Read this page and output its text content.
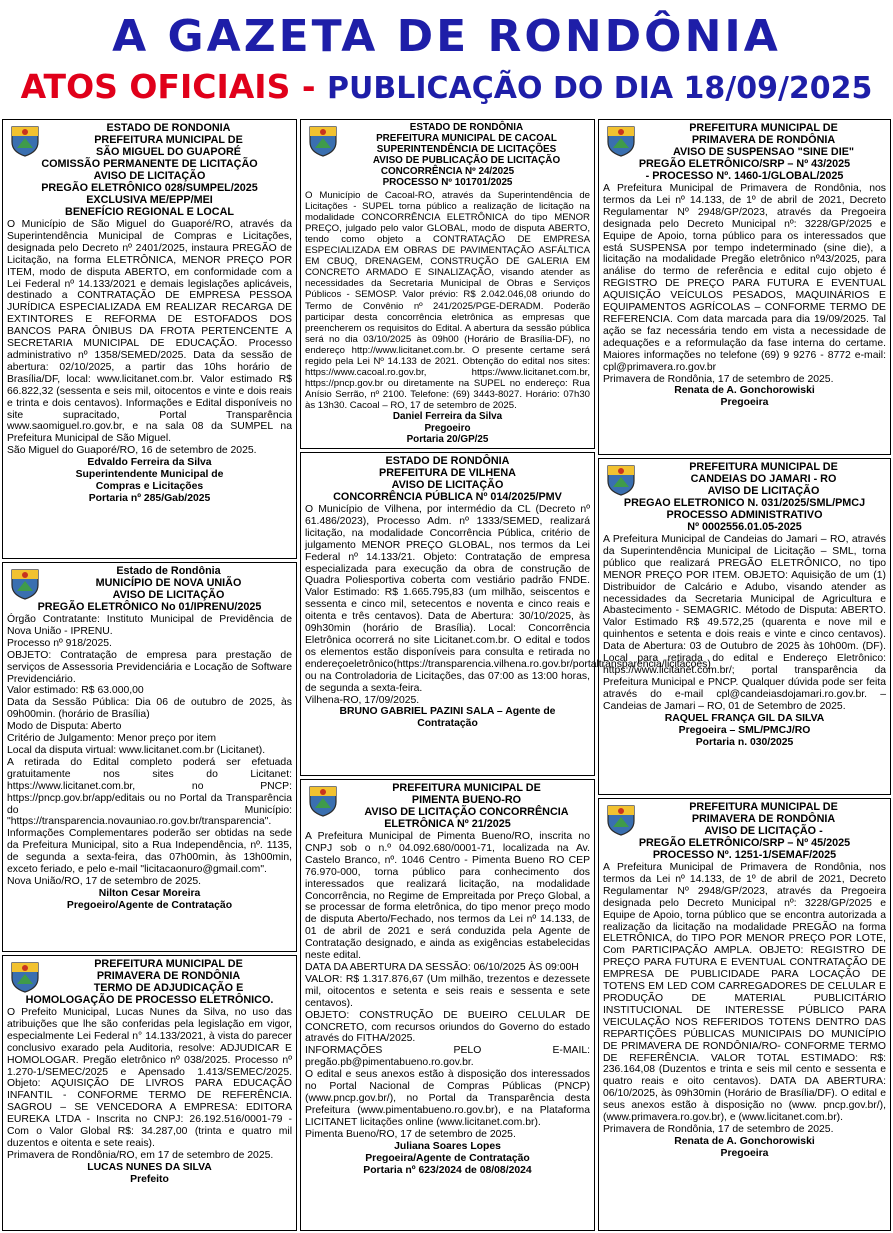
A GAZETA DE RONDÔNIA
ATOS OFICIAIS - PUBLICAÇÃO DO DIA 18/09/2025
ESTADO DE RONDONIA
PREFEITURA MUNICIPAL DE
SÃO MIGUEL DO GUAPORÉ
COMISSÃO PERMANENTE DE LICITAÇÃO
AVISO DE LICITAÇÃO
PREGÃO ELETRÔNICO 028/SUMPEL/2025
EXCLUSIVA ME/EPP/MEI
BENEFÍCIO REGIONAL E LOCAL

O Município de São Miguel do Guaporé/RO, através da Superintendência Municipal de Compras e Licitações, designada pelo Decreto nº 2401/2025, instaura PREGÃO de Licitação, na forma ELETRÔNICA, MENOR PREÇO POR ITEM, modo de disputa ABERTO, em conformidade com a Lei Federal nº 14.133/2021 e demais legislações aplicáveis, destinado a CONTRATAÇÃO DE EMPRESA PESSOA JURÍDICA ESPECIALIZADA EM REALIZAR RECARGA DE EXTINTORES E REFORMA DE ESTOFADOS DOS BANCOS PARA ÔNIBUS DA FROTA PERTENCENTE A SECRETARIA MUNICIPAL DE EDUCAÇÃO. Processo administrativo nº 1358/SEMED/2025. Data da sessão de abertura: 02/10/2025, a partir das 10hs horário de Brasília/DF, local: www.licitanet.com.br. Valor estimado R$ 66.822,32 (sessenta e seis mil, oitocentos e vinte e dois reais e trinta e dois centavos). Informações e Edital disponíveis no site supracitado, Portal Transparência www.saomiguel.ro.gov.br, e na sala 08 da SUMPEL na Prefeitura Municipal de São Miguel.

São Miguel do Guaporé/RO, 16 de setembro de 2025.

Edvaldo Ferreira da Silva
Superintendente Municipal de
Compras e Licitações
Portaria nº 285/Gab/2025
Estado de Rondônia
MUNICÍPIO DE NOVA UNIÃO
AVISO DE LICITAÇÃO
PREGÃO ELETRÔNICO No 01/IPRENU/2025

Órgão Contratante: Instituto Municipal de Previdência de Nova União - IPRENU.

Processo nº 918/2025.

OBJETO: Contratação de empresa para prestação de serviços de Assessoria Previdenciária e Locação de Software Previdenciário.

Valor estimado: R$ 63.000,00

Data da Sessão Pública: Dia 06 de outubro de 2025, às 09h00min. (horário de Brasília)

Modo de Disputa: Aberto

Critério de Julgamento: Menor preço por item

Local da disputa virtual: www.licitanet.com.br (Licitanet).

A retirada do Edital completo poderá ser efetuada gratuitamente nos sites do Licitanet: https://www.licitanet.com.br, no PNCP: https://pncp.gov.br/app/editais ou no Portal da Transparência do Município: "https://transparencia.novauniao.ro.gov.br/transparencia".

Informações Complementares poderão ser obtidas na sede da Prefeitura Municipal, sito a Rua Independência, nº. 1135, de segunda a sexta-feira, das 07h00min, às 13h00min, exceto feriado, e pelo e-mail "licitacaonuro@gmail.com".

Nova União/RO, 17 de setembro de 2025.

Nilton Cesar Moreira
Pregoeiro/Agente de Contratação
PREFEITURA MUNICIPAL DE
PRIMAVERA DE RONDÔNIA
TERMO DE ADJUDICAÇÃO E
HOMOLOGAÇÃO DE PROCESSO ELETRÔNICO.

O Prefeito Municipal, Lucas Nunes da Silva, no uso das atribuições que lhe são conferidas pela legislação em vigor, especialmente Lei Federal n° 14.133/2021, à vista do parecer conclusivo exarado pela Auditoria, resolve: ADJUDICAR E HOMOLOGAR. Pregão eletrônico nº 038/2025. Processo nº 1.270-1/SEMEC/2025 e Apensado 1.413/SEMEC/2025. Objeto: AQUISIÇÃO DE LIVROS PARA EDUCAÇÃO INFANTIL - CONFORME TERMO DE REFERÊNCIA. SAGROU – SE VENCEDORA A EMPRESA: EDITORA EUREKA LTDA - Inscrita no CNPJ: 26.192.516/0001-79 - Com o Valor Global R$: 34.287,00 (trinta e quatro mil duzentos e oitenta e sete reais).

Primavera de Rondônia/RO, em 17 de setembro de 2025.

LUCAS NUNES DA SILVA
Prefeito
ESTADO DE RONDÔNIA
PREFEITURA MUNICIPAL DE CACOAL
SUPERINTENDÊNCIA DE LICITAÇÕES
AVISO DE PUBLICAÇÃO DE LICITAÇÃO
CONCORRÊNCIA Nº 24/2025
PROCESSO Nº 101701/2025

O Município de Cacoal-RO, através da Superintendência de Licitações - SUPEL torna público a realização de licitação na modalidade CONCORRÊNCIA ELETRÔNICA do tipo MENOR PREÇO, julgado pelo valor GLOBAL, modo de disputa ABERTO, tendo como objeto a CONTRATAÇÃO DE EMPRESA ESPECIALIZADA EM OBRAS DE PAVIMENTAÇÃO ASFÁLTICA EM CBUQ, DRENAGEM, CONSTRUÇÃO DE GALERIA EM CONCRETO ARMADO E SINALIZAÇÃO, visando atender as necessidades da Secretaria Municipal de Obras e Serviços Públicos - SEMOSP. Valor prévio: R$ 2.042.046,08 oriundo do Termo de Convênio nº 241/2025/PGE-DERADM. Poderão participar desta concorrência eletrônica as empresas que preencherem os requisitos do Edital. A abertura da sessão pública será no dia 03/10/2025 às 09h00 (Horário de Brasília-DF), no endereço http://www.licitanet.com.br. O presente certame será regido pela Lei Nº 14.133 de 2021. Obtenção do edital nos sites: https://www.cacoal.ro.gov.br, https://www.licitanet.com.br, https://pncp.gov.br ou diretamente na SUPEL no endereço: Rua Anísio Serrão, nº 2100. Telefone: (69) 3443-8027. Horário: 07h30 às 13h30. Cacoal – RO, 17 de setembro de 2025.

Daniel Ferreira da Silva
Pregoeiro
Portaria 20/GP/25
ESTADO DE RONDÔNIA
PREFEITURA DE VILHENA
AVISO DE LICITAÇÃO
CONCORRÊNCIA PÚBLICA Nº 014/2025/PMV

O Município de Vilhena, por intermédio da CL (Decreto nº 61.486/2023), Processo Adm. nº 1333/SEMED, realizará licitação, na modalidade Concorrência Pública, critério de julgamento MENOR PREÇO GLOBAL, nos termos da Lei Federal nº 14.133/21. Objeto: Contratação de empresa especializada para execução da obra de construção de Quadra Poliesportiva coberta com vestiário padrão FNDE. Valor Estimado: R$ 1.665.795,83 (um milhão, seiscentos e sessenta e cinco mil, setecentos e noventa e cinco reais e oitenta e três centavos). Data de Abertura: 30/10/2025, às 09h30min (horário de Brasília). Local: Concorrência Eletrônica ocorrerá no site Licitanet.com.br. O edital e todos os elementos estão disponíveis para consulta e retirada no endereçoeletrônico(https://transparencia.vilhena.ro.gov.br/portaltransparencia/licitacoes) ou na Controladoria de Licitações, das 07:00 as 13:00 horas, de segunda a sexta-feira.

Vilhena-RO, 17/09/2025.

BRUNO GABRIEL PAZINI SALA – Agente de
Contratação
PREFEITURA MUNICIPAL DE
PIMENTA BUENO-RO
AVISO DE LICITAÇÃO CONCORRÊNCIA
ELETRÔNICA Nº 21/2025

A Prefeitura Municipal de Pimenta Bueno/RO, inscrita no CNPJ sob o n.º 04.092.680/0001-71, localizada na Av. Castelo Branco, nº. 1046 Centro - Pimenta Bueno RO CEP 76.970-000, torna público para conhecimento dos interessados que realizará licitação, na modalidade Concorrência, no Regime de Empreitada por Preço Global, a se processar de forma eletrônica, do tipo menor preço modo de disputa Aberto/Fechado, nos termos da Lei nº 14.133, de 01 de abril de 2021 e será conduzida pela Agente de Contratação designado, e ainda as exigências estabelecidas neste edital.

DATA DA ABERTURA DA SESSÃO: 06/10/2025 ÀS 09:00H

VALOR: R$ 1.317.876,67 (Um milhão, trezentos e dezessete mil, oitocentos e setenta e seis reais e sessenta e sete centavos).

OBJETO: CONSTRUÇÃO DE BUEIRO CELULAR DE CONCRETO, com recursos oriundos do Governo do estado através do FITHA/2025.

INFORMAÇÕES PELO E-MAIL: pregão.pb@pimentabueno.ro.gov.br.

O edital e seus anexos estão à disposição dos interessados no Portal Nacional de Compras Públicas (PNCP) (www.pncp.gov.br/), no Portal da Transparência desta Prefeitura (www.pimentabueno.ro.gov.br), e na Plataforma LICITANET licitações online (www.licitanet.com.br).

Pimenta Bueno/RO, 17 de setembro de 2025.

Juliana Soares Lopes
Pregoeira/Agente de Contratação
Portaria nº 623/2024 de 08/08/2024
PREFEITURA MUNICIPAL DE
PRIMAVERA DE RONDÔNIA
AVISO DE SUSPENSAO "SINE DIE"
PREGÃO ELETRÔNICO/SRP – Nº 43/2025
- PROCESSO Nº. 1460-1/GLOBAL/2025

A Prefeitura Municipal de Primavera de Rondônia, nos termos da Lei nº 14.133, de 1º de abril de 2021, Decreto Regulamentar Nº 2948/GP/2023, através da Pregoeira designada pelo Decreto Municipal nº: 3228/GP/2025 e Equipe de Apoio, torna público para os interessados que está SUSPENSA por tempo indeterminado (sine die), a licitação na modalidade Pregão eletrônico nº43/2025, para análise do termo de referência e edital cujo objeto é REGISTRO DE PREÇO PARA FUTURA E EVENTUAL AQUISIÇÃO VEÍCULOS PESADOS, MAQUINÁRIOS E EQUIPAMENTOS AGRÍCOLAS – CONFORME TERMO DE REFERENCIA. Com data marcada para dia 19/09/2025. Tal ação se faz necessária tendo em vista a necessidade de adequações e a reformulação da fase interna do certame. Maiores informações no telefone (69) 9 9276 - 8772 e-mail: cpl@primavera.ro.gov.br

Primavera de Rondônia, 17 de setembro de 2025.

Renata de A. Gonchorowiski
Pregoeira
PREFEITURA MUNICIPAL DE
CANDEIAS DO JAMARI - RO
AVISO DE LICITAÇÃO
PREGAO ELETRONICO N. 031/2025/SML/PMCJ
PROCESSO ADMINISTRATIVO
Nº 0002556.01.05-2025

A Prefeitura Municipal de Candeias do Jamari – RO, através da Superintendência Municipal de Licitação – SML, torna público que realizará PREGÃO ELETRÔNICO, no tipo MENOR PREÇO POR ITEM. OBJETO: Aquisição de um (1) Distribuidor de Calcário e Adubo, visando atender as necessidades da Secretaria Municipal de Agricultura e Abastecimento - SEMAGRIC. Método de Disputa: ABERTO. Valor Estimado R$ 49.572,25 (quarenta e nove mil e quinhentos e setenta e dois reais e vinte e cinco centavos). Data de Abertura: 03 de Outubro de 2025 às 10h00m. (DF). Local para retirada do edital e Endereço Eletrônico: https://www.licitanet.com.br/; portal transparência da Prefeitura Municipal e PNCP. Qualquer dúvida pode ser feita através do e-mail cpl@candeiasdojamari.ro.gov.br. – Candeias de Jamari – RO, 01 de Setembro de 2025.

RAQUEL FRANÇA GIL DA SILVA
Pregoeira – SML/PMCJ/RO
Portaria n. 030/2025
PREFEITURA MUNICIPAL DE
PRIMAVERA DE RONDÔNIA
AVISO DE LICITAÇÃO -
PREGÃO ELETRÔNICO/SRP – Nº 45/2025
PROCESSO Nº. 1251-1/SEMAF/2025

A Prefeitura Municipal de Primavera de Rondônia, nos termos da Lei nº 14.133, de 1º de abril de 2021, Decreto Regulamentar Nº 2948/GP/2023, através da Pregoeira designada pelo Decreto Municipal nº: 3228/GP/2025 e Equipe de Apoio, torna público que se encontra autorizada a realização da licitação na modalidade PREGÃO na forma ELETRÔNICA, do TIPO POR MENOR PREÇO POR LOTE, Com PARTICIPAÇÃO AMPLA. OBJETO: REGISTRO DE PREÇO PARA FUTURA E EVENTUAL CONTRATAÇÃO DE EMPRESA DE PUBLICIDADE PARA LOCAÇÃO DE TOTENS EM LED COM CARREGADORES DE CELULAR E PRODUÇÃO DE MATERIAL PUBLICITÁRIO INSTITUCIONAL DE INTERESSE PÚBLICO PARA VEICULAÇÃO NOS REFERIDOS TOTENS DENTRO DAS REPARTIÇÕES PÚBLICAS MUNICIPAIS DO MUNICÍPIO DE PRIMAVERA DE RONDÔNIA/RO- CONFORME TERMO DE REFERÊNCIA. VALOR TOTAL ESTIMADO: R$: 236.164,08 (Duzentos e trinta e seis mil cento e sessenta e quatro reais e oito centavos). DATA DA ABERTURA: 06/10/2025, às 09h30min (Horário de Brasília/DF). O edital e seus anexos estão à disposição no (www. pncp.gov.br/), (www.primavera.ro.gov.br), e (www.licitanet.com.br).

Primavera de Rondônia, 17 de setembro de 2025.

Renata de A. Gonchorowiski
Pregoeira
